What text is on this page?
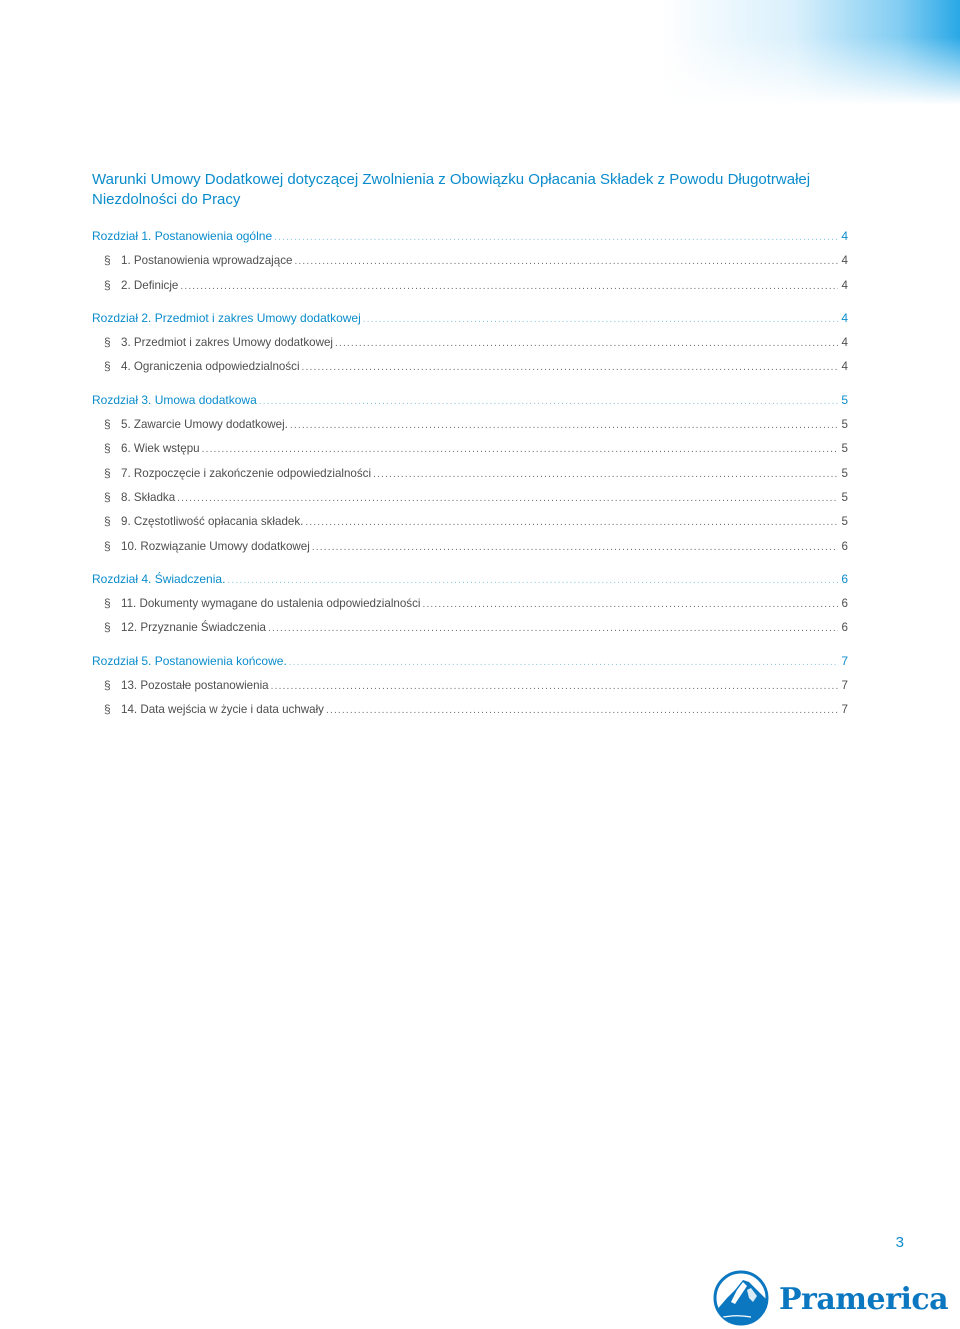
Warunki Umowy Dodatkowej dotyczącej Zwolnienia z Obowiązku Opłacania Składek z Powodu Długotrwałej Niezdolności do Pracy
Rozdział 1. Postanowienia ogólne .....	4
§ 1. Postanowienia wprowadzające .....	4
§ 2. Definicje .....	4
Rozdział 2. Przedmiot i zakres Umowy dodatkowej .....	4
§ 3. Przedmiot i zakres Umowy dodatkowej .....	4
§ 4. Ograniczenia odpowiedzialności .....	4
Rozdział 3. Umowa dodatkowa .....	5
§ 5. Zawarcie Umowy dodatkowej. .....	5
§ 6. Wiek wstępu .....	5
§ 7. Rozpoczęcie i zakończenie odpowiedzialności .....	5
§ 8. Składka .....	5
§ 9. Częstotliwość opłacania składek. .....	5
§ 10. Rozwiązanie Umowy dodatkowej .....	6
Rozdział 4. Świadczenia. .....	6
§ 11. Dokumenty wymagane do ustalenia odpowiedzialności .....	6
§ 12. Przyznanie Świadczenia .....	6
Rozdział 5. Postanowienia końcowe. .....	7
§ 13. Pozostałe postanowienia .....	7
§ 14. Data wejścia w życie i data uchwały .....	7
3
Pramerica
